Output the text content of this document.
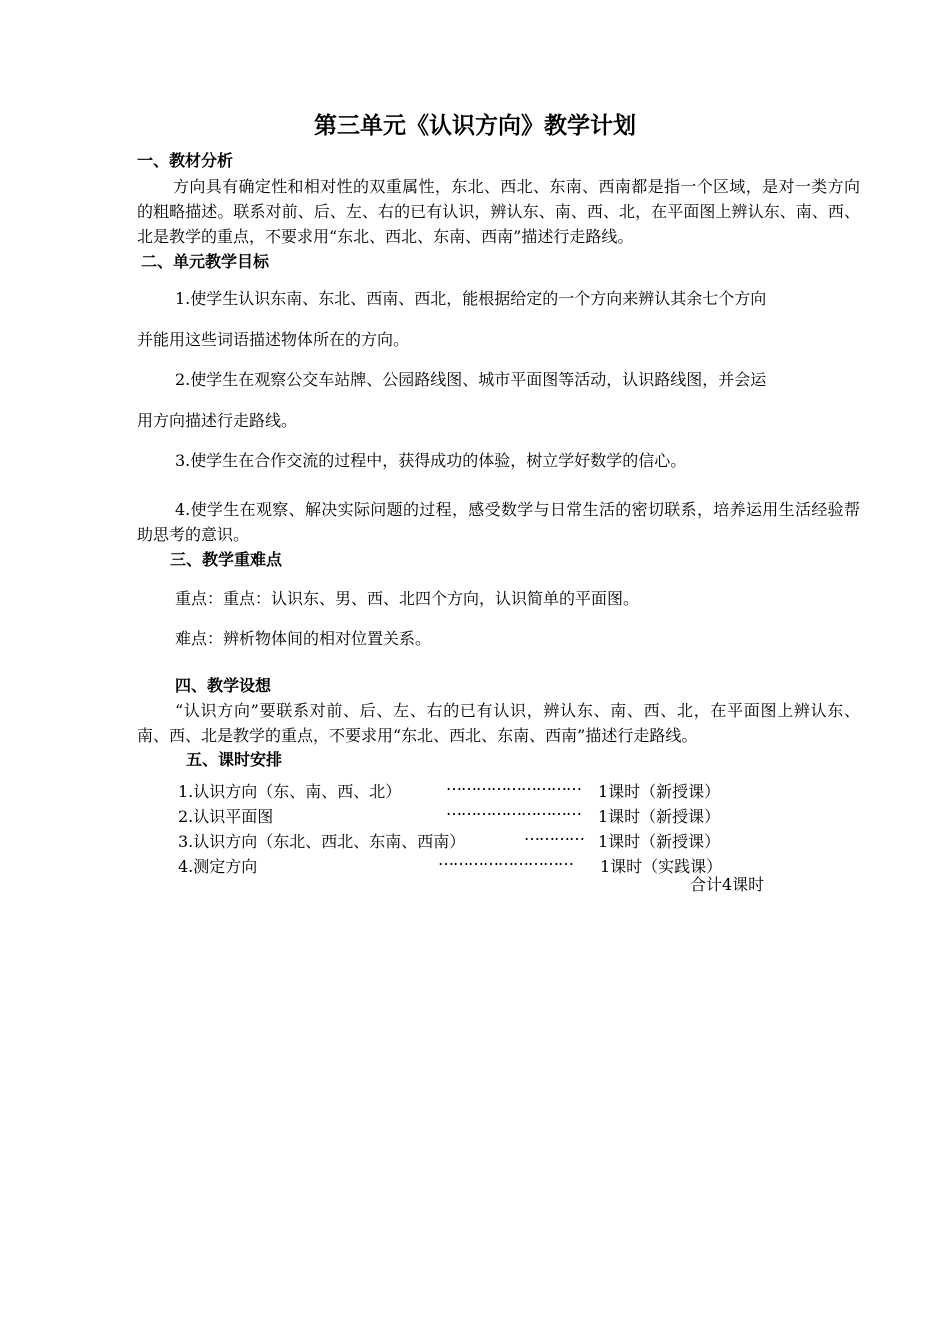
第三单元《认识方向》教学计划
一、教材分析
方向具有确定性和相对性的双重属性，东北、西北、东南、西南都是指一个区域，是对一类方向的粗略描述。联系对前、后、左、右的已有认识，辨认东、南、西、北，在平面图上辨认东、南、西、北是教学的重点，不要求用“东北、西北、东南、西南”描述行走路线。
二、单元教学目标
1.使学生认识东南、东北、西南、西北，能根据给定的一个方向来辨认其余七个方向
并能用这些词语描述物体所在的方向。
2.使学生在观察公交车站牌、公园路线图、城市平面图等活动，认识路线图，并会运
用方向描述行走路线。
3.使学生在合作交流的过程中，获得成功的体验，树立学好数学的信心。
4.使学生在观察、解决实际问题的过程，感受数学与日常生活的密切联系，培养运用生活经验帮助思考的意识。
三、教学重难点
重点：重点：认识东、男、西、北四个方向，认识简单的平面图。
难点：辨析物体间的相对位置关系。
四、教学设想
“认识方向”要联系对前、后、左、右的已有认识，辨认东、南、西、北，在平面图上辨认东、南、西、北是教学的重点，不要求用“东北、西北、东南、西南”描述行走路线。
五、课时安排
1.认识方向（东、南、西、北）	……………………… 1课时（新授课）
2.认识平面图	……………………… 1课时（新授课）
3.认识方向（东北、西北、东南、西南）	………… 1课时（新授课）
4.测定方向	……………………… 1课时（实践课）
合计4课时
